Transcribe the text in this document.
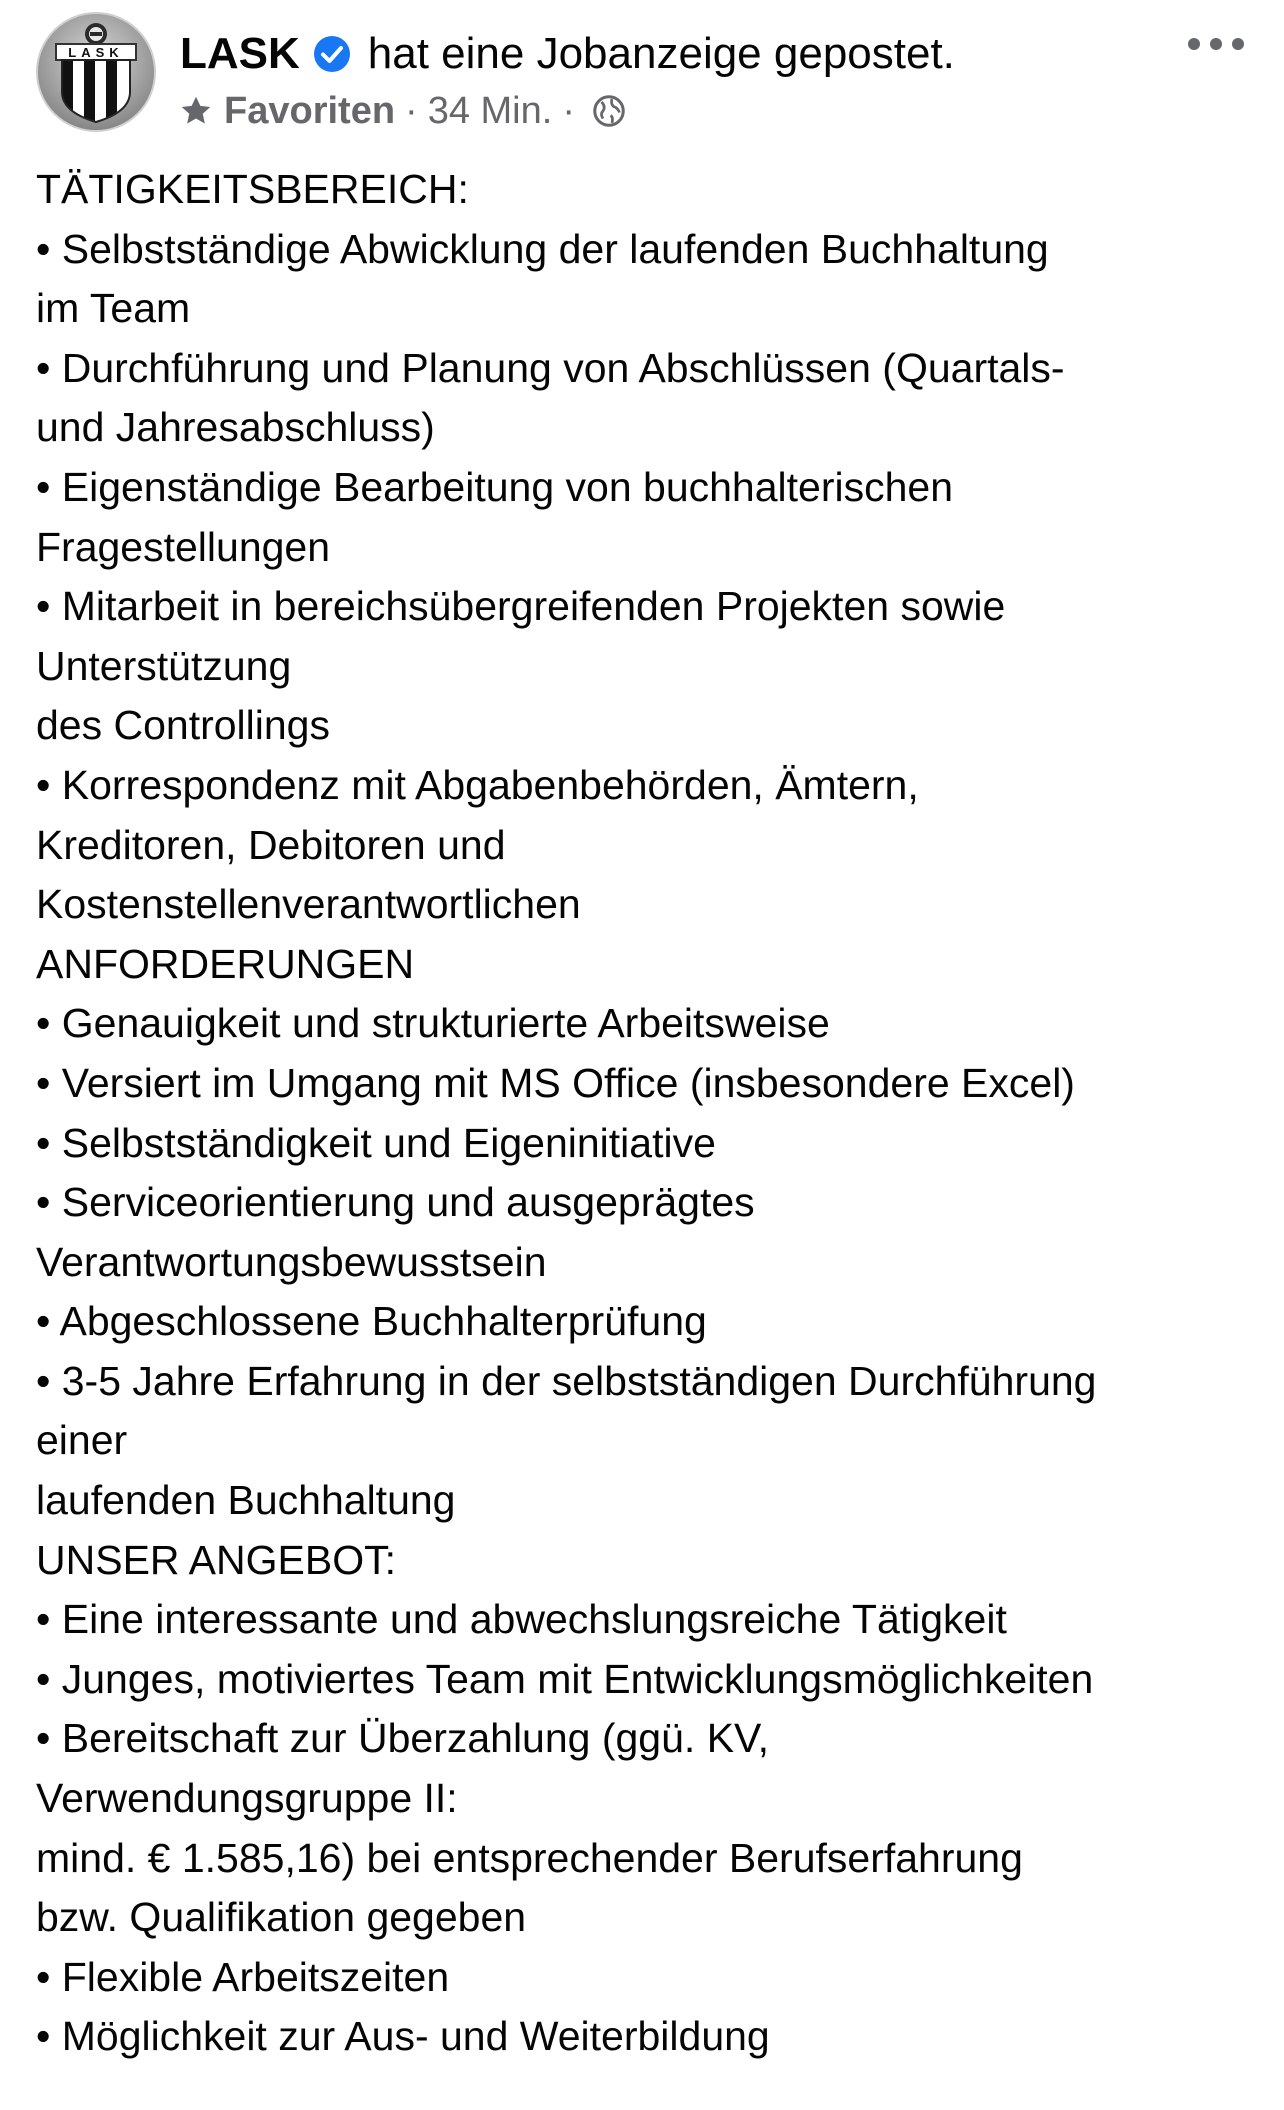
LASK LASK hat eine Jobanzeige gepostet.
Favoriten · 34 Min. ·
TÄTIGKEITSBEREICH:
• Selbstständige Abwicklung der laufenden Buchhaltung
im Team
• Durchführung und Planung von Abschlüssen (Quartals-
und Jahresabschluss)
• Eigenständige Bearbeitung von buchhalterischen
Fragestellungen
• Mitarbeit in bereichsübergreifenden Projekten sowie
Unterstützung
des Controllings
• Korrespondenz mit Abgabenbehörden, Ämtern,
Kreditoren, Debitoren und
Kostenstellenverantwortlichen
ANFORDERUNGEN
• Genauigkeit und strukturierte Arbeitsweise
• Versiert im Umgang mit MS Office (insbesondere Excel)
• Selbstständigkeit und Eigeninitiative
• Serviceorientierung und ausgeprägtes
Verantwortungsbewusstsein
• Abgeschlossene Buchhalterprüfung
• 3-5 Jahre Erfahrung in der selbstständigen Durchführung
einer
laufenden Buchhaltung
UNSER ANGEBOT:
• Eine interessante und abwechslungsreiche Tätigkeit
• Junges, motiviertes Team mit Entwicklungsmöglichkeiten
• Bereitschaft zur Überzahlung (ggü. KV,
Verwendungsgruppe II:
mind. € 1.585,16) bei entsprechender Berufserfahrung
bzw. Qualifikation gegeben
• Flexible Arbeitszeiten
• Möglichkeit zur Aus- und Weiterbildung
